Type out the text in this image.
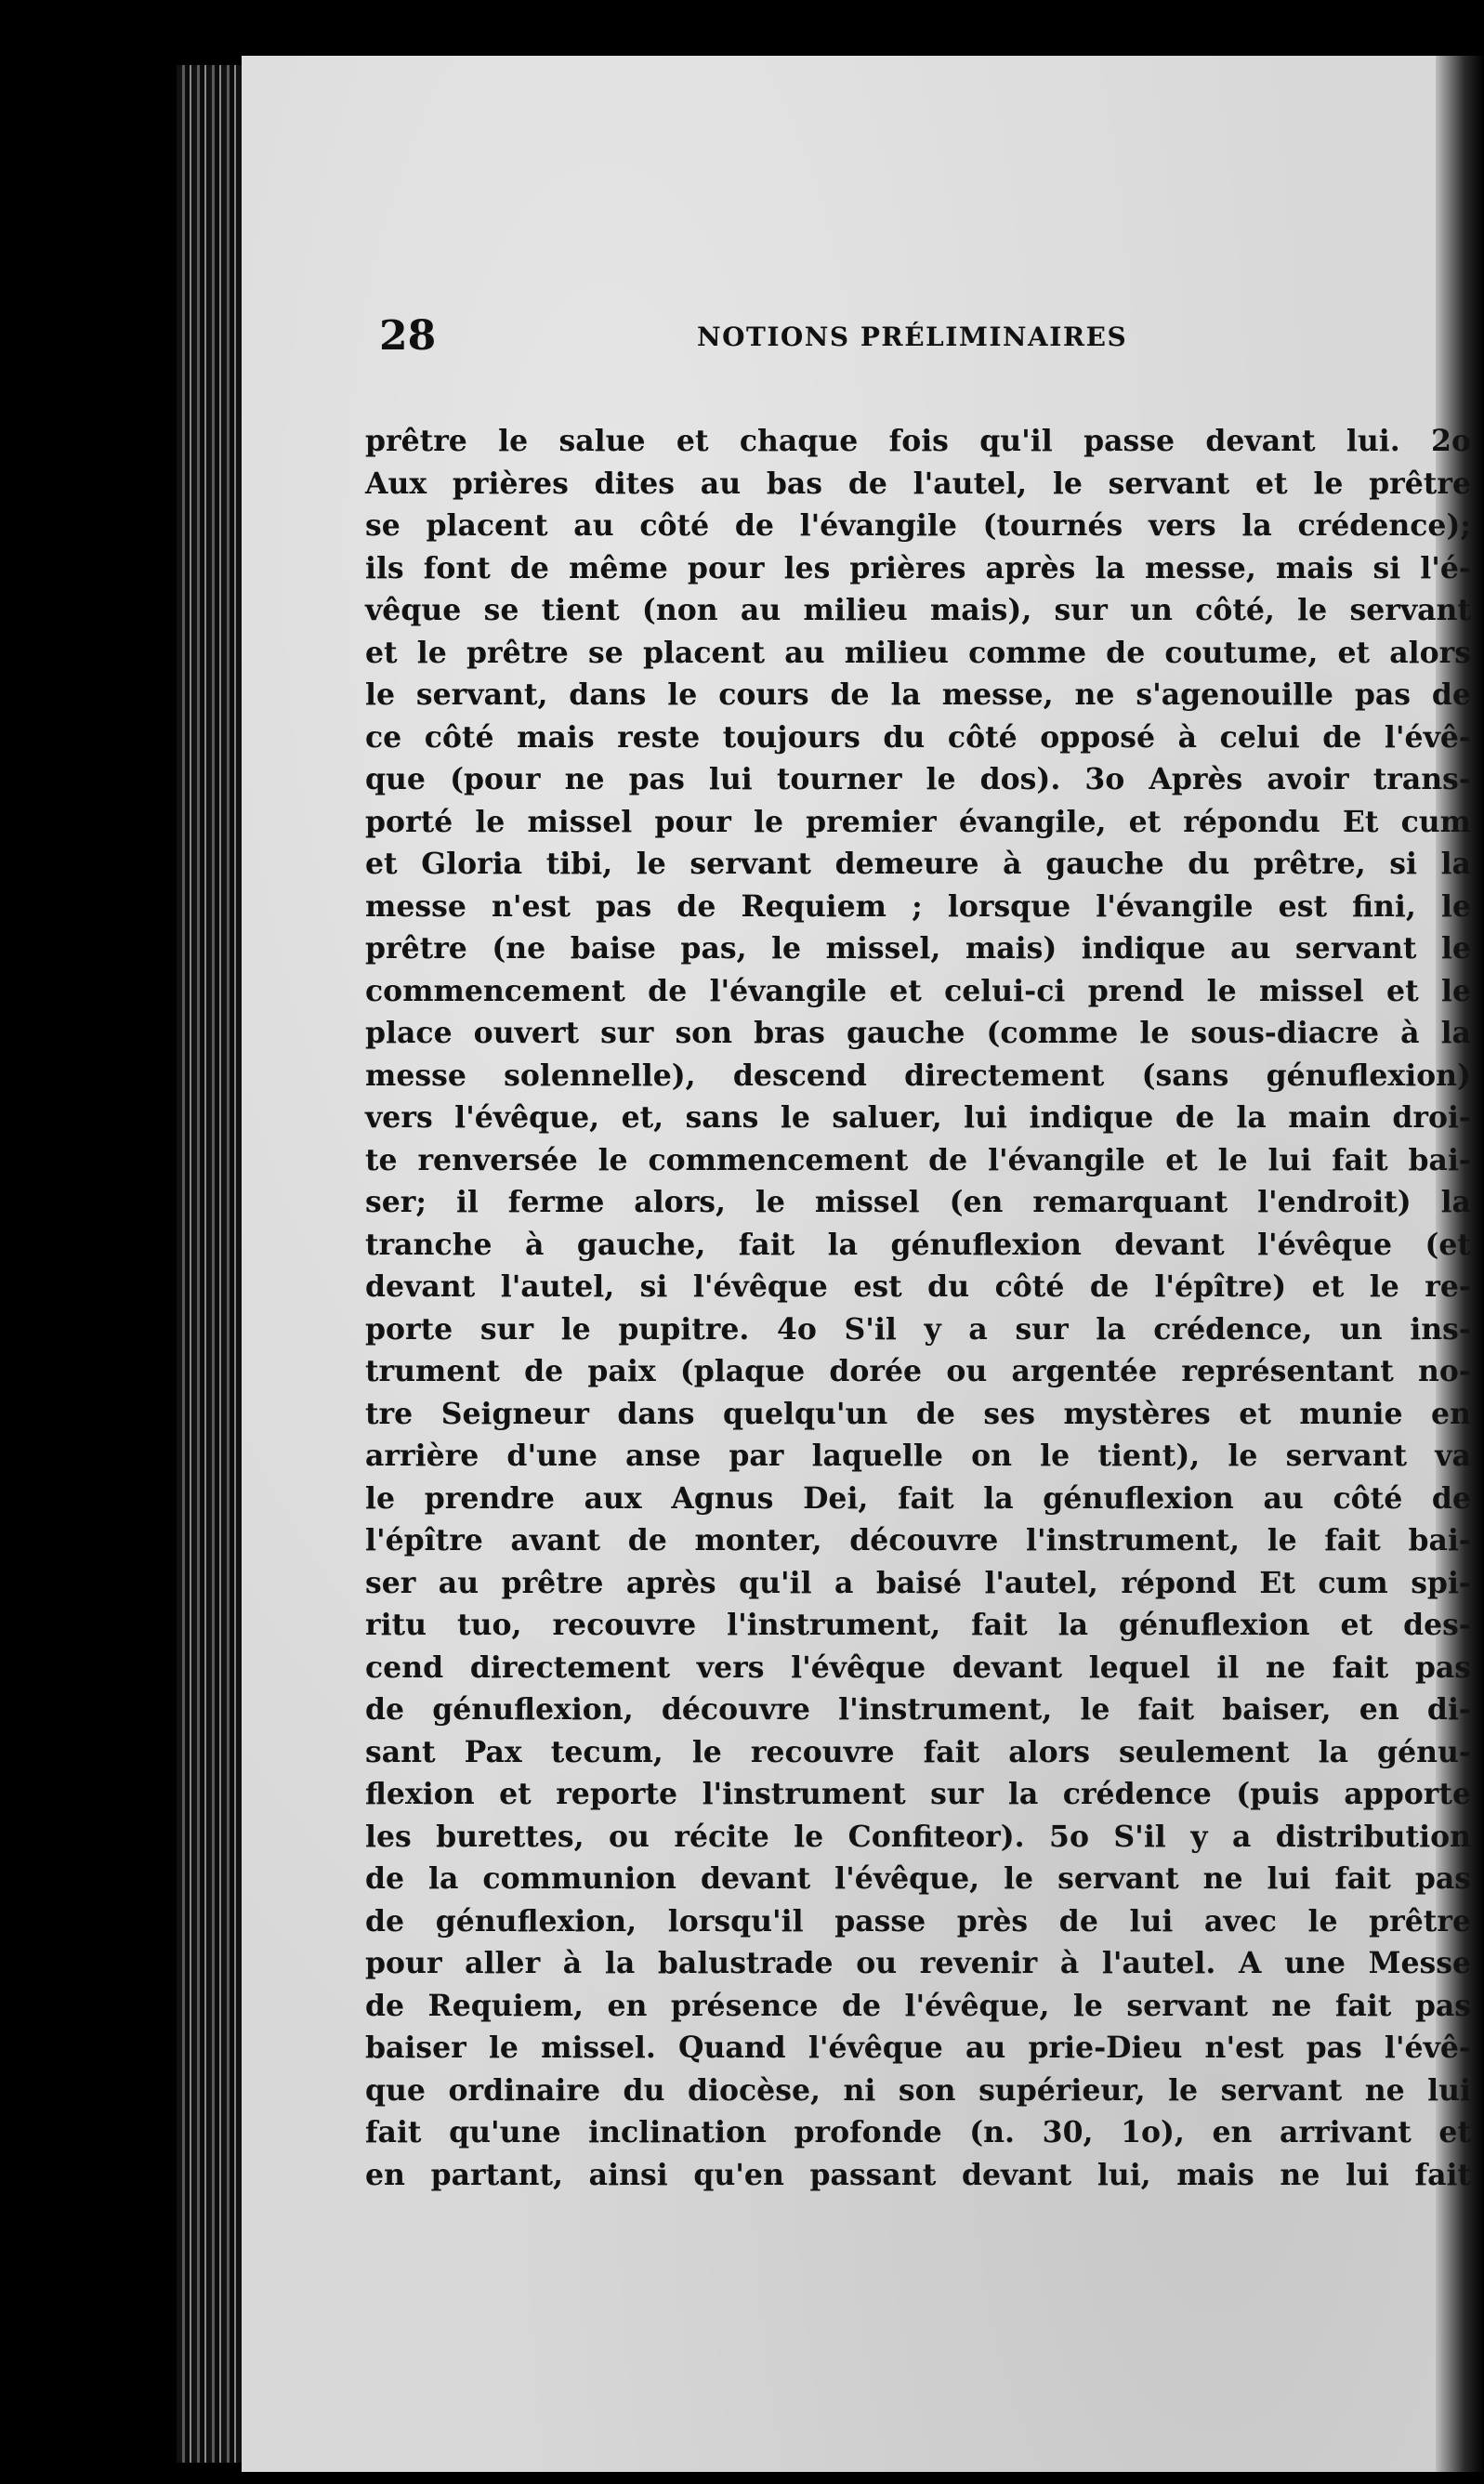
28	NOTIONS PRÉLIMINAIRES
prêtre le salue et chaque fois qu'il passe devant lui. 2o
Aux prières dites au bas de l'autel, le servant et le prêtre
se placent au côté de l'évangile (tournés vers la crédence);
ils font de même pour les prières après la messe, mais si l'é-
vêque se tient (non au milieu mais), sur un côté, le servant
et le prêtre se placent au milieu comme de coutume, et alors
le servant, dans le cours de la messe, ne s'agenouille pas de
ce côté mais reste toujours du côté opposé à celui de l'évê-
que (pour ne pas lui tourner le dos). 3o Après avoir trans-
porté le missel pour le premier évangile, et répondu Et cum
et Gloria tibi, le servant demeure à gauche du prêtre, si la
messe n'est pas de Requiem ; lorsque l'évangile est fini, le
prêtre (ne baise pas, le missel, mais) indique au servant le
commencement de l'évangile et celui-ci prend le missel et le
place ouvert sur son bras gauche (comme le sous-diacre à la
messe solennelle), descend directement (sans génuflexion)
vers l'évêque, et, sans le saluer, lui indique de la main droi-
te renversée le commencement de l'évangile et le lui fait bai-
ser; il ferme alors, le missel (en remarquant l'endroit) la
tranche à gauche, fait la génuflexion devant l'évêque (et
devant l'autel, si l'évêque est du côté de l'épître) et le re-
porte sur le pupitre. 4o S'il y a sur la crédence, un ins-
trument de paix (plaque dorée ou argentée représentant no-
tre Seigneur dans quelqu'un de ses mystères et munie en
arrière d'une anse par laquelle on le tient), le servant va
le prendre aux Agnus Dei, fait la génuflexion au côté de
l'épître avant de monter, découvre l'instrument, le fait bai-
ser au prêtre après qu'il a baisé l'autel, répond Et cum spi-
ritu tuo, recouvre l'instrument, fait la génuflexion et des-
cend directement vers l'évêque devant lequel il ne fait pas
de génuflexion, découvre l'instrument, le fait baiser, en di-
sant Pax tecum, le recouvre fait alors seulement la génu-
flexion et reporte l'instrument sur la crédence (puis apporte
les burettes, ou récite le Confiteor). 5o S'il y a distribution
de la communion devant l'évêque, le servant ne lui fait pas
de génuflexion, lorsqu'il passe près de lui avec le prêtre
pour aller à la balustrade ou revenir à l'autel. A une Messe
de Requiem, en présence de l'évêque, le servant ne fait pas
baiser le missel. Quand l'évêque au prie-Dieu n'est pas l'évê-
que ordinaire du diocèse, ni son supérieur, le servant ne lui
fait qu'une inclination profonde (n. 30, 1o), en arrivant et
en partant, ainsi qu'en passant devant lui, mais ne lui fait
